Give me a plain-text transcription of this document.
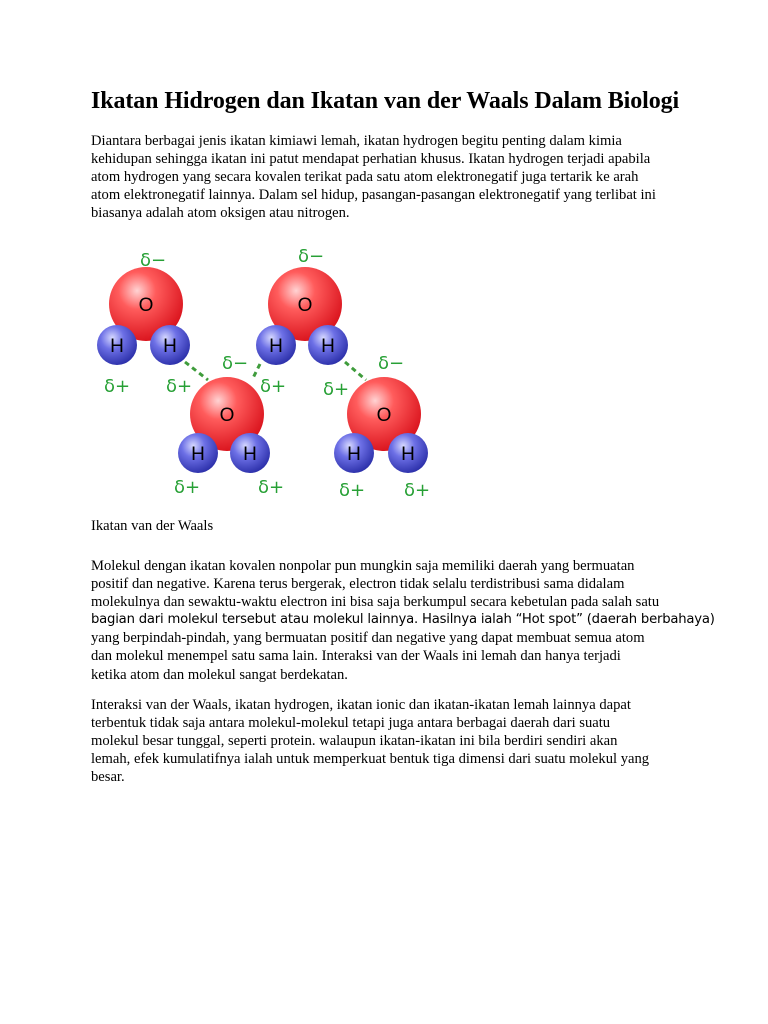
Ikatan Hidrogen dan Ikatan van der Waals Dalam Biologi

Diantara berbagai jenis ikatan kimiawi lemah, ikatan hydrogen begitu penting dalam kimia
kehidupan sehingga ikatan ini patut mendapat perhatian khusus. Ikatan hydrogen terjadi apabila
atom hydrogen yang secara kovalen terikat pada satu atom elektronegatif juga tertarik ke arah
atom elektronegatif lainnya. Dalam sel hidup, pasangan-pasangan elektronegatif yang terlibat ini
biasanya adalah atom oksigen atau nitrogen.

O
H H
O
H H
O
H H
O
H H
δ−	δ−
δ−	δ−
δ+ δ+	δ+ δ+
δ+	δ+	δ+ δ+

Ikatan van der Waals

Molekul dengan ikatan kovalen nonpolar pun mungkin saja memiliki daerah yang bermuatan
positif dan negative. Karena terus bergerak, electron tidak selalu terdistribusi sama didalam
molekulnya dan sewaktu-waktu electron ini bisa saja berkumpul secara kebetulan pada salah satu
bagian dari molekul tersebut atau molekul lainnya. Hasilnya ialah “Hot spot” (daerah berbahaya)
yang berpindah-pindah, yang bermuatan positif dan negative yang dapat membuat semua atom
dan molekul menempel satu sama lain. Interaksi van der Waals ini lemah dan hanya terjadi
ketika atom dan molekul sangat berdekatan.

Interaksi van der Waals, ikatan hydrogen, ikatan ionic dan ikatan-ikatan lemah lainnya dapat
terbentuk tidak saja antara molekul-molekul tetapi juga antara berbagai daerah dari suatu
molekul besar tunggal, seperti protein. walaupun ikatan-ikatan ini bila berdiri sendiri akan
lemah, efek kumulatifnya ialah untuk memperkuat bentuk tiga dimensi dari suatu molekul yang
besar.
